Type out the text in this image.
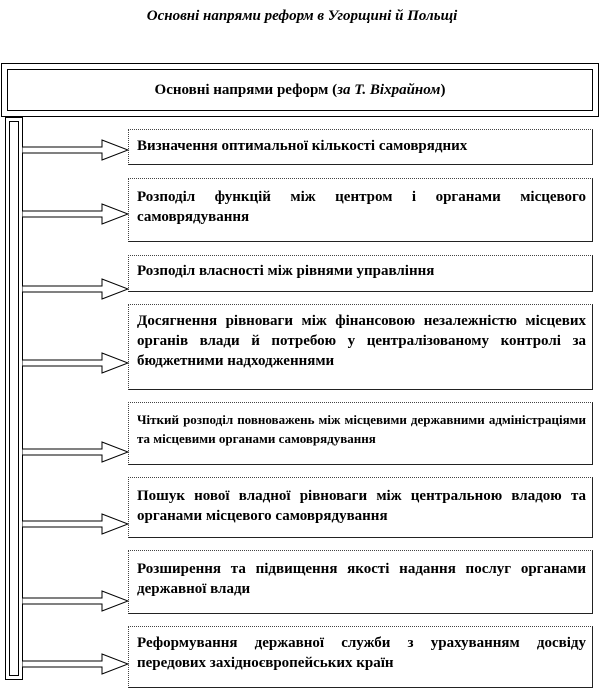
Основні напрями реформ в Угорщині й Польщі
Основні напрями реформ ( за Т. Віхрайном )
Визначення оптимальної кількості самоврядних
Розподіл функцій між центром і органами місцевого самоврядування
Розподіл власності між рівнями управління
Досягнення рівноваги між фінансовою незалежністю місцевих органів влади й потребою у централізованому контролі за бюджетними надходженнями
Чіткий розподіл повноважень між місцевими державними адміністраціями та місцевими органами самоврядування
Пошук нової владної рівноваги між центральною владою та органами місцевого самоврядування
Розширення та підвищення якості надання послуг органами державної влади
Реформування державної служби з урахуванням досвіду передових західноєвропейських країн
